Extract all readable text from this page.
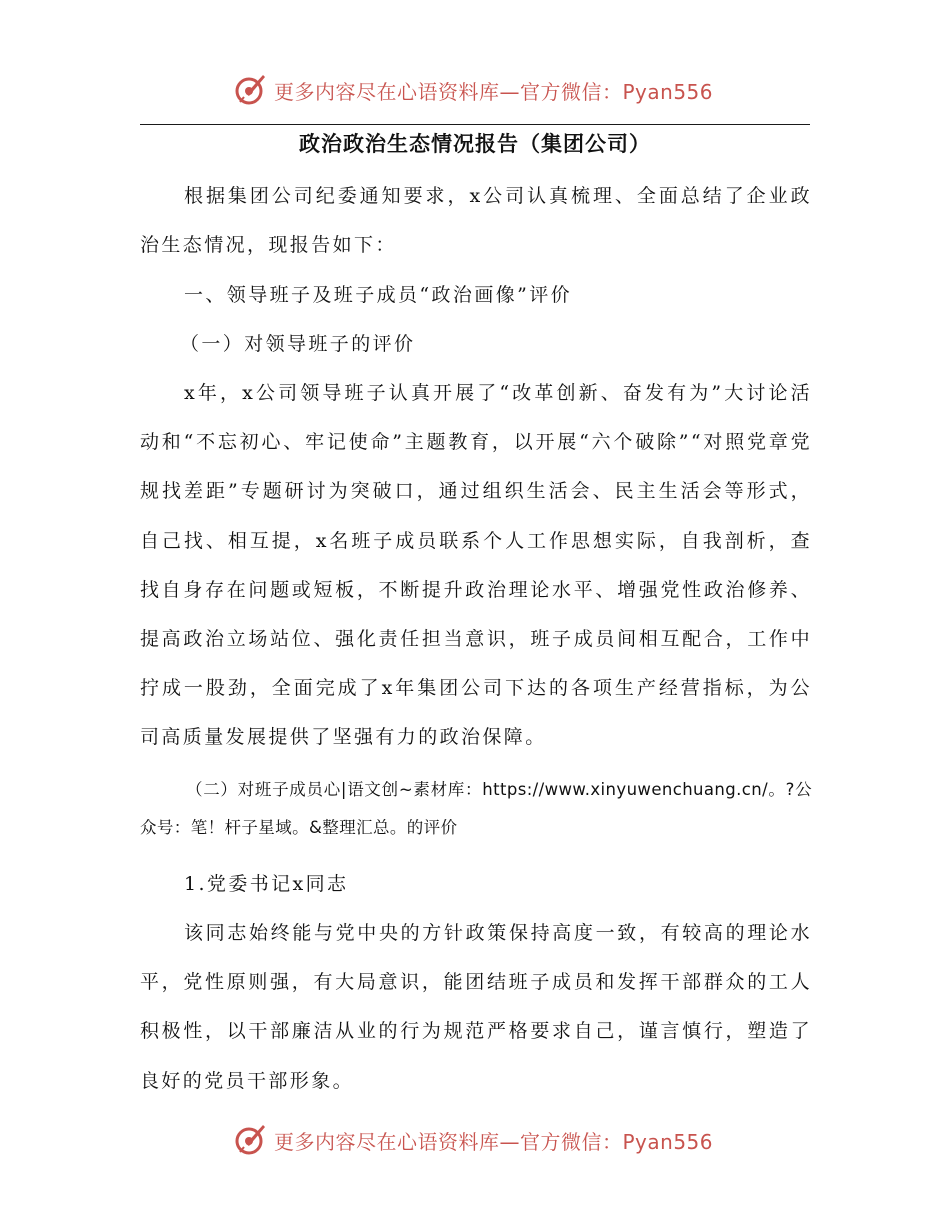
更多内容尽在心语资料库—官方微信：Pyan556
政治政治生态情况报告（集团公司）

根据集团公司纪委通知要求，x公司认真梳理、全面总结了企业政治生态情况，现报告如下：

一、领导班子及班子成员“政治画像”评价

（一）对领导班子的评价

x年，x公司领导班子认真开展了“改革创新、奋发有为”大讨论活动和“不忘初心、牢记使命”主题教育，以开展“六个破除”“对照党章党规找差距”专题研讨为突破口，通过组织生活会、民主生活会等形式，自己找、相互提，x名班子成员联系个人工作思想实际，自我剖析，查找自身存在问题或短板，不断提升政治理论水平、增强党性政治修养、提高政治立场站位、强化责任担当意识，班子成员间相互配合，工作中拧成一股劲，全面完成了x年集团公司下达的各项生产经营指标，为公司高质量发展提供了坚强有力的政治保障。

（二）对班子成员心|语文创~素材库：https://www.xinyuwenchuang.cn/。?公众号：笔！杆子星域。&整理汇总。的评价

1.党委书记x同志

该同志始终能与党中央的方针政策保持高度一致，有较高的理论水平，党性原则强，有大局意识，能团结班子成员和发挥干部群众的工人积极性，以干部廉洁从业的行为规范严格要求自己，谨言慎行，塑造了良好的党员干部形象。

更多内容尽在心语资料库—官方微信：Pyan556
